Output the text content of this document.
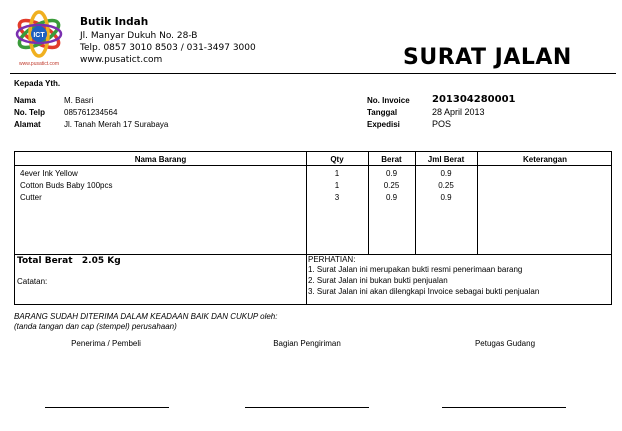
ICT
www.pusatict.com
Butik Indah
Jl. Manyar Dukuh No. 28-B
Telp. 0857 3010 8503 / 031-3497 3000
www.pusatict.com	SURAT JALAN
Kepada Yth.
Nama	M. Basri
No. Telp 085761234564
Alamat	Jl. Tanah Merah 17 Surabaya
No. Invoice 201304280001
Tanggal	28 April 2013
Expedisi	POS
Nama Barang	Qty	Berat	Jml Berat	Keterangan
4ever Ink Yellow	1	0.9	0.9
Cotton Buds Baby 100pcs	1	0.25	0.25
Cutter	3	0.9	0.9
Total Berat 2.05 Kg
Catatan:
PERHATIAN:
1. Surat Jalan ini merupakan bukti resmi penerimaan barang
2. Surat Jalan ini bukan bukti penjualan
3. Surat Jalan ini akan dilengkapi Invoice sebagai bukti penjualan
BARANG SUDAH DITERIMA DALAM KEADAAN BAIK DAN CUKUP oleh:
(tanda tangan dan cap (stempel) perusahaan)
Penerima / Pembeli	Bagian Pengiriman	Petugas Gudang
